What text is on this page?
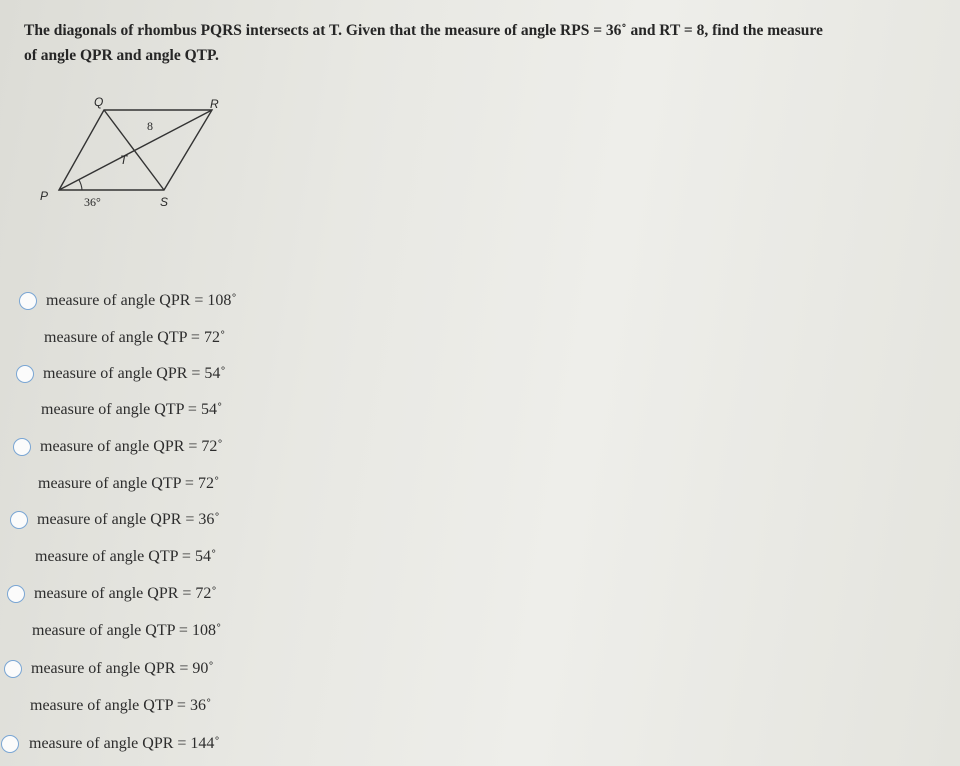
The diagonals of rhombus PQRS intersects at T. Given that the measure of angle RPS = 36˚ and RT = 8, find the measure
of angle QPR and angle QTP.
P
Q	R
S
T
8
36°
measure of angle QPR = 108˚
measure of angle QTP = 72˚
measure of angle QPR = 54˚
measure of angle QTP = 54˚
measure of angle QPR = 72˚
measure of angle QTP = 72˚
measure of angle QPR = 36˚
measure of angle QTP = 54˚
measure of angle QPR = 72˚
measure of angle QTP = 108˚
measure of angle QPR = 90˚
measure of angle QTP = 36˚
measure of angle QPR = 144˚
